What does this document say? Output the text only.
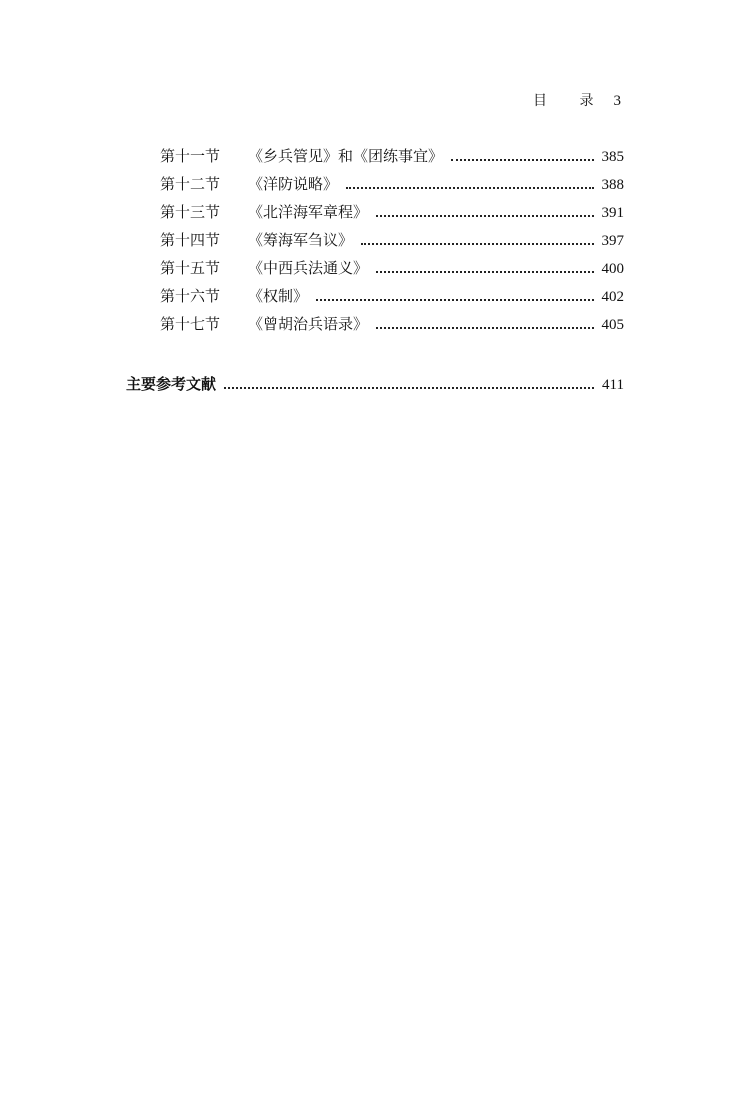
目 录 3
第十一节	《乡兵管见》和《团练事宜》	385
第十二节	《洋防说略》	388
第十三节	《北洋海军章程》	391
第十四节	《筹海军刍议》	397
第十五节	《中西兵法通义》	400
第十六节	《权制》	402
第十七节	《曾胡治兵语录》	405
主要参考文献	411
